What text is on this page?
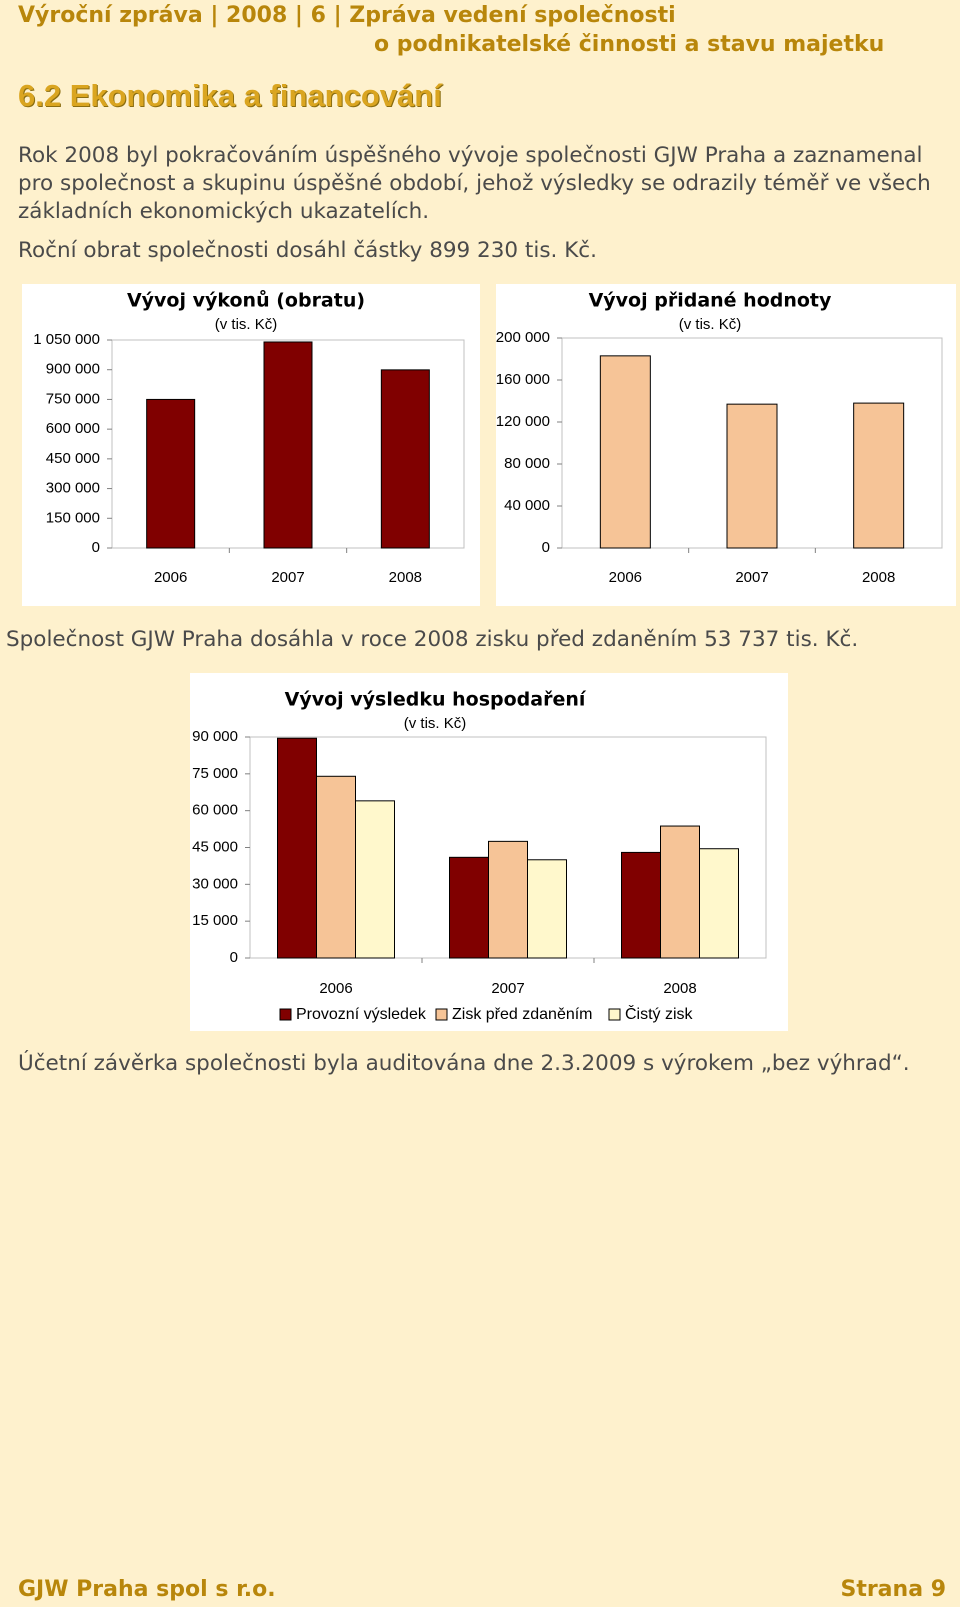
Výroční zpráva | 2008 | 6 | Zpráva vedení společnosti
o podnikatelské činnosti a stavu majetku
6.2 Ekonomika a financování

Rok 2008 byl pokračováním úspěšného vývoje společnosti GJW Praha a zaznamenal pro společnost a skupinu úspěšné období, jehož výsledky se odrazily téměř ve všech základních ekonomických ukazatelích.

Roční obrat společnosti dosáhl částky 899 230 tis. Kč.

Vývoj výkonů (obratu)
(v tis. Kč)
0
150 000
300 000
450 000
600 000
750 000
900 000
1 050 000
2006	2007	2008
Vývoj přidané hodnoty
(v tis. Kč)
0
40 000
80 000
120 000
160 000
200 000
2006	2007	2008

Společnost GJW Praha dosáhla v roce 2008 zisku před zdaněním 53 737 tis. Kč.

Vývoj výsledku hospodaření
(v tis. Kč)
0
15 000
30 000
45 000
60 000
75 000
90 000
2006	2007	2008
Provozní výsledek Zisk před zdaněním Čistý zisk

Účetní závěrka společnosti byla auditována dne 2.3.2009 s výrokem „bez výhrad“.

GJW Praha spol s r.o.	Strana 9
